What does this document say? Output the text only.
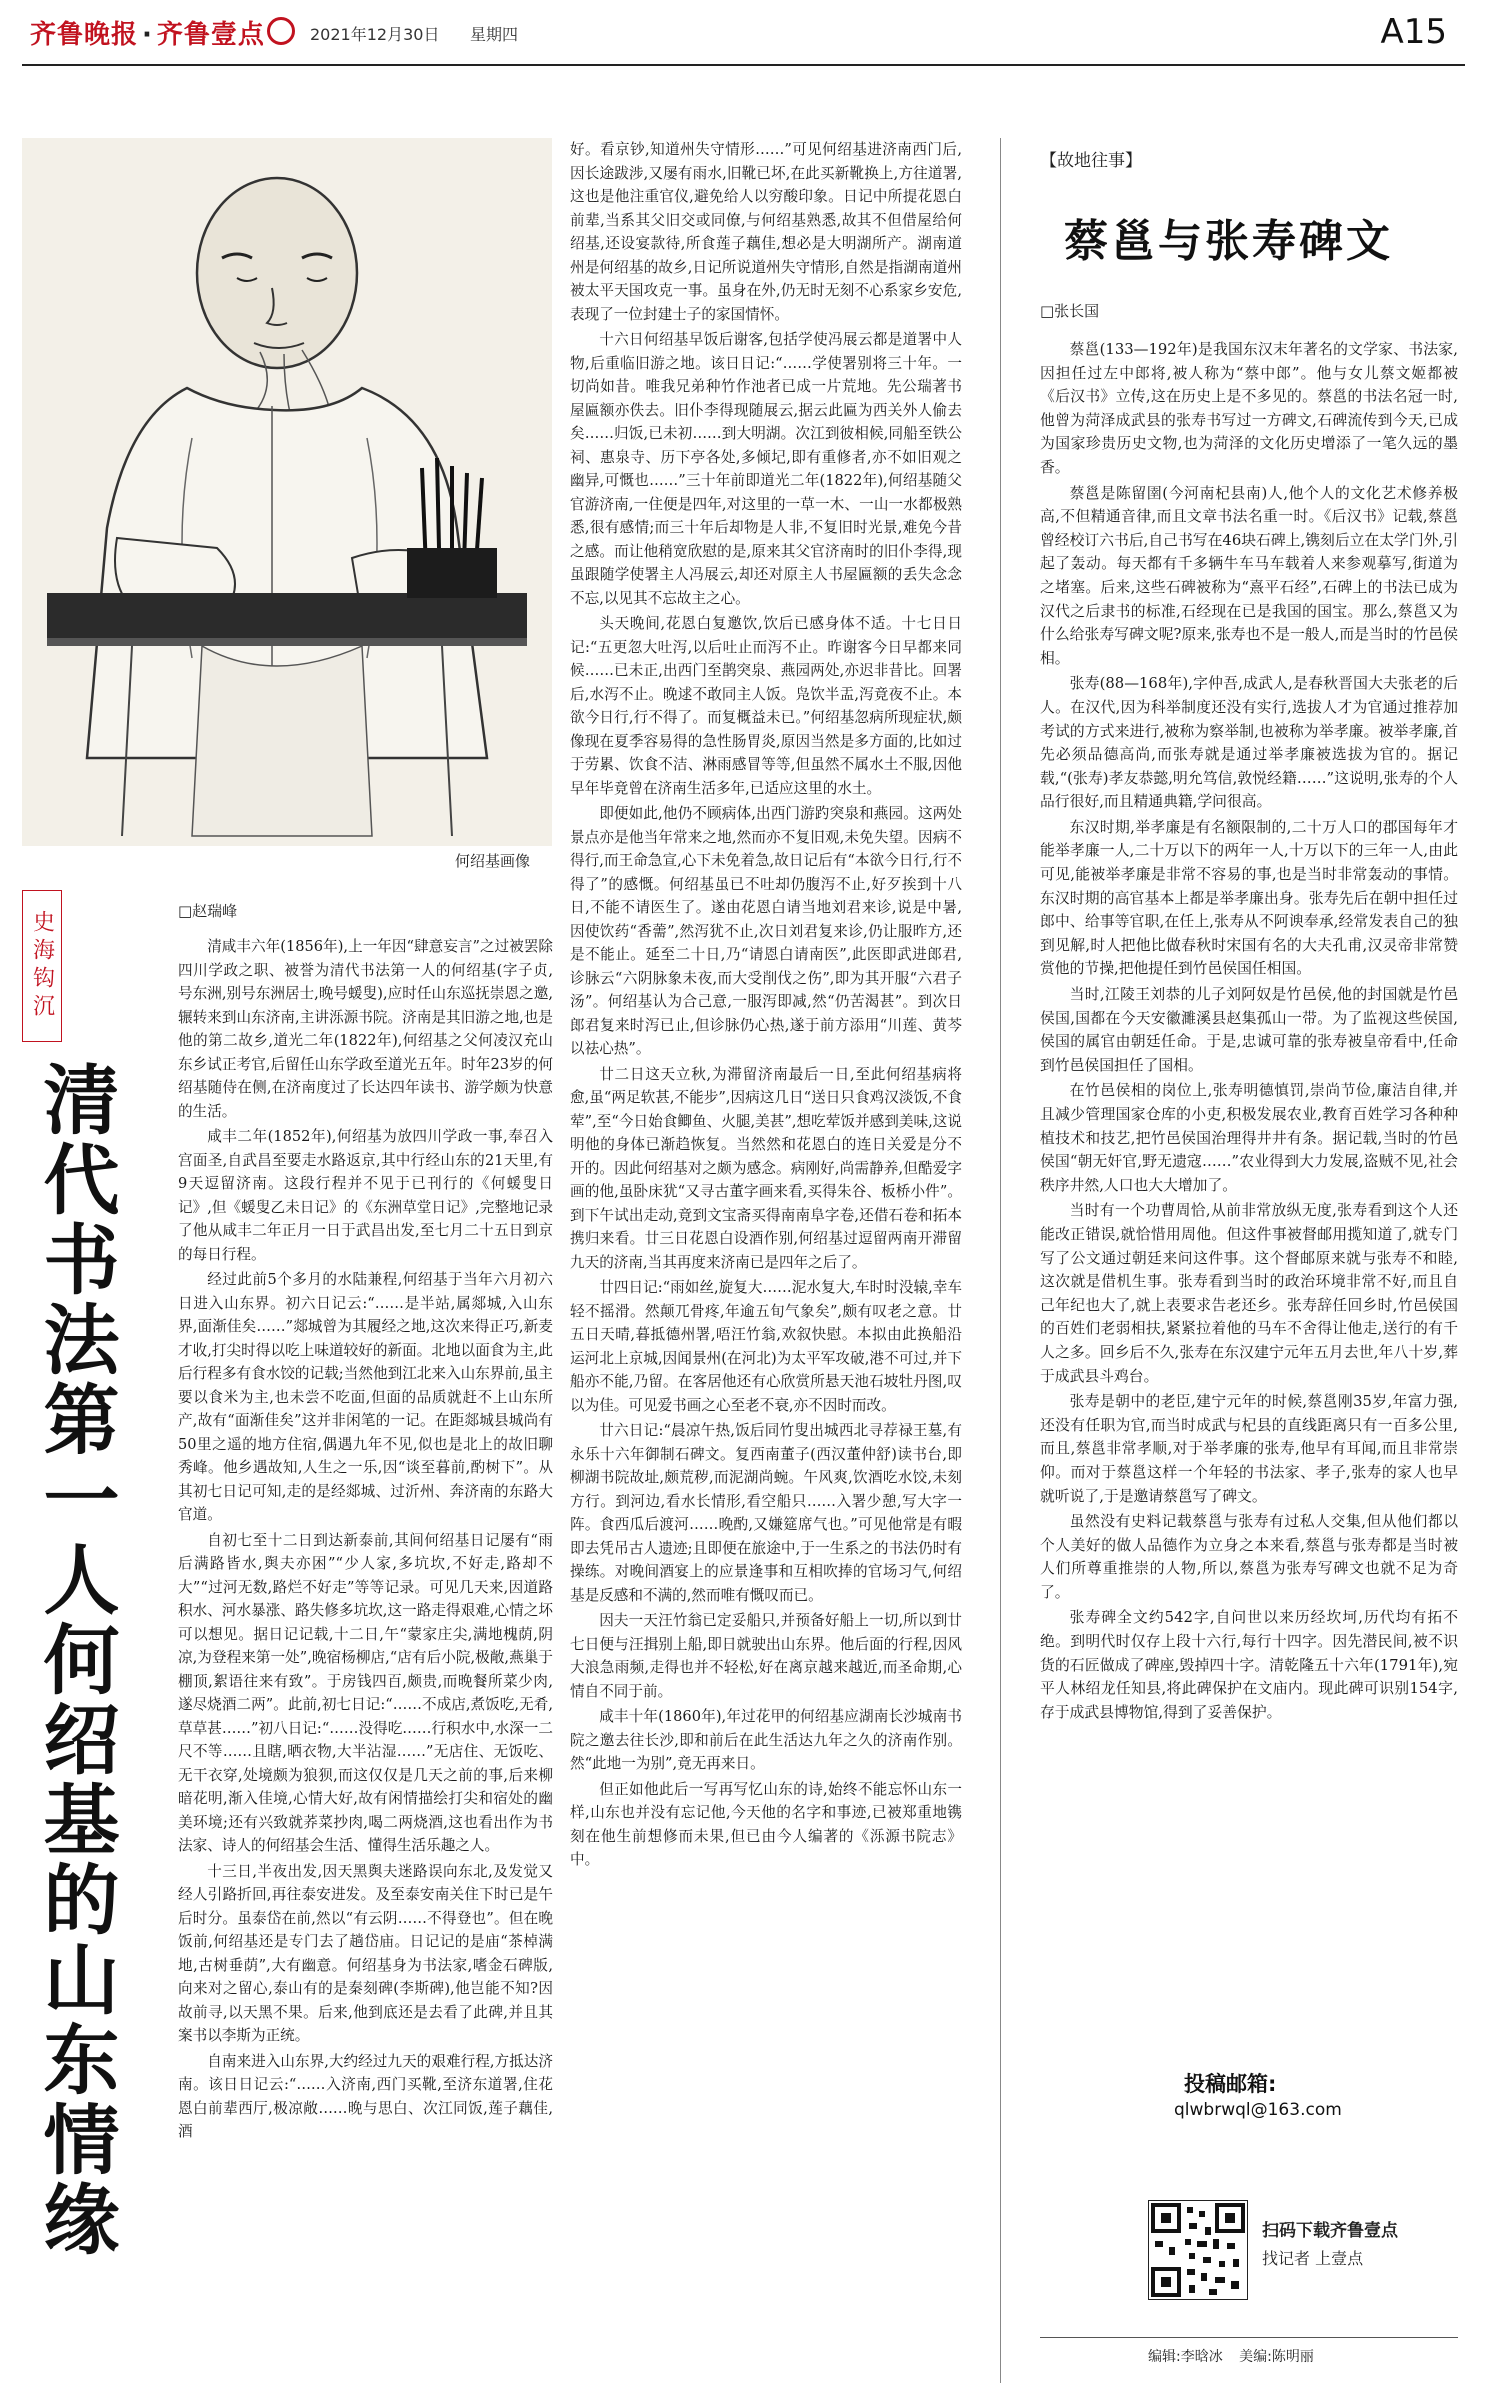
齐鲁晚报 · 齐鲁壹点	2021年12月30日 星期四	A15
何绍基画像
史海钩沉
清代书法第一人何绍基的山东情缘
□赵瑞峰

清咸丰六年(1856年),上一年因“肆意妄言”之过被罢除四川学政之职、被誉为清代书法第一人的何绍基(字子贞,号东洲,别号东洲居士,晚号蝯叟),应时任山东巡抚崇恩之邀,辗转来到山东济南,主讲泺源书院。济南是其旧游之地,也是他的第二故乡,道光二年(1822年),何绍基之父何凌汉充山东乡试正考官,后留任山东学政至道光五年。时年23岁的何绍基随侍在侧,在济南度过了长达四年读书、游学颇为快意的生活。

咸丰二年(1852年),何绍基为放四川学政一事,奉召入宫面圣,自武昌至要走水路返京,其中行经山东的21天里,有9天逗留济南。这段行程并不见于已刊行的《何蝯叟日记》,但《蝯叟乙未日记》的《东洲草堂日记》,完整地记录了他从咸丰二年正月一日于武昌出发,至七月二十五日到京的每日行程。

经过此前5个多月的水陆兼程,何绍基于当年六月初六日进入山东界。初六日记云:“……是半站,属郯城,入山东界,面渐佳矣……”郯城曾为其履经之地,这次来得正巧,新麦才收,打尖时得以吃上味道较好的新面。北地以面食为主,此后行程多有食水饺的记载;当然他到江北来入山东界前,虽主要以食米为主,也未尝不吃面,但面的品质就赶不上山东所产,故有“面渐佳矣”这并非闲笔的一记。在距郯城县城尚有50里之遥的地方住宿,偶遇九年不见,似也是北上的故旧聊秀峰。他乡遇故知,人生之一乐,因“谈至暮前,酌树下”。从其初七日记可知,走的是经郯城、过沂州、奔济南的东路大官道。

自初七至十二日到达新泰前,其间何绍基日记屡有“雨后满路皆水,舆夫亦困”“少人家,多坑坎,不好走,路却不大”“过河无数,路烂不好走”等等记录。可见几天来,因道路积水、河水暴涨、路失修多坑坎,这一路走得艰难,心情之坏可以想见。据日记记载,十二日,午“蒙家庄尖,满地槐荫,阴凉,为登程来第一处”,晚宿杨柳店,“店有后小院,极敞,燕巢于棚顶,絮语往来有致”。于房钱四百,颇贵,而晚餐所菜少肉,遂尽烧酒二两”。此前,初七日记:“……不成店,煮饭吃,无肴,草草甚……”初八日记:“……没得吃……行积水中,水深一二尺不等……且瞎,晒衣物,大半沾湿……”无店住、无饭吃、无干衣穿,处境颇为狼狈,而这仅仅是几天之前的事,后来柳暗花明,渐入佳境,心情大好,故有闲情描绘打尖和宿处的幽美环境;还有兴致就荞菜抄肉,喝二两烧酒,这也看出作为书法家、诗人的何绍基会生活、懂得生活乐趣之人。

十三日,半夜出发,因天黑舆夫迷路误向东北,及发觉又经人引路折回,再往泰安进发。及至泰安南关住下时已是午后时分。虽泰岱在前,然以“有云阴……不得登也”。但在晚饭前,何绍基还是专门去了趟岱庙。日记记的是庙“茶棹满地,古树垂荫”,大有幽意。何绍基身为书法家,嗜金石碑版,向来对之留心,泰山有的是秦刻碑(李斯碑),他岂能不知?因故前寻,以天黑不果。后来,他到底还是去看了此碑,并且其案书以李斯为正统。

自南来进入山东界,大约经过九天的艰难行程,方抵达济南。该日日记云:“……入济南,西门买靴,至济东道署,住花恩白前辈西厅,极凉敞……晚与思白、次江同饭,莲子藕佳,酒

好。看京钞,知道州失守情形……”可见何绍基进济南西门后,因长途跋涉,又屡有雨水,旧靴已坏,在此买新靴换上,方往道署,这也是他注重官仪,避免给人以穷酸印象。日记中所提花恩白前辈,当系其父旧交或同僚,与何绍基熟悉,故其不但借屋给何绍基,还设宴款待,所食莲子藕佳,想必是大明湖所产。湖南道州是何绍基的故乡,日记所说道州失守情形,自然是指湖南道州被太平天国攻克一事。虽身在外,仍无时无刻不心系家乡安危,表现了一位封建士子的家国情怀。

十六日何绍基早饭后谢客,包括学使冯展云都是道署中人物,后重临旧游之地。该日日记:“……学使署别将三十年。一切尚如昔。唯我兄弟种竹作池者已成一片荒地。先公瑞著书屋匾额亦佚去。旧仆李得现随展云,据云此匾为西关外人偷去矣……归饭,已未初……到大明湖。次江到彼相候,同船至铁公祠、惠泉寺、历下亭各处,多倾圮,即有重修者,亦不如旧观之幽异,可慨也……”三十年前即道光二年(1822年),何绍基随父官游济南,一住便是四年,对这里的一草一木、一山一水都极熟悉,很有感情;而三十年后却物是人非,不复旧时光景,难免今昔之感。而让他稍宽欣慰的是,原来其父官济南时的旧仆李得,现虽跟随学使署主人冯展云,却还对原主人书屋匾额的丢失念念不忘,以见其不忘故主之心。

头天晚间,花恩白复邀饮,饮后已感身体不适。十七日日记:“五更忽大吐泻,以后吐止而泻不止。昨谢客今日早都来同候……已未正,出西门至鹊突泉、燕园两处,亦迟非昔比。回署后,水泻不止。晚逑不敢同主人饭。凫饮半盂,泻竟夜不止。本欲今日行,行不得了。而复概益未已。”何绍基忽病所现症状,颇像现在夏季容易得的急性肠胃炎,原因当然是多方面的,比如过于劳累、饮食不洁、淋雨感冒等等,但虽然不属水土不服,因他早年毕竟曾在济南生活多年,已适应这里的水土。

即便如此,他仍不顾病体,出西门游趵突泉和燕园。这两处景点亦是他当年常来之地,然而亦不复旧观,未免失望。因病不得行,而王命急宣,心下未免着急,故日记后有“本欲今日行,行不得了”的感慨。何绍基虽已不吐却仍腹泻不止,好歹挨到十八日,不能不请医生了。遂由花恩白请当地刘君来诊,说是中暑,因使饮药“香薷”,然泻犹不止,次日刘君复来诊,仍让服昨方,还是不能止。延至二十日,乃“请恩白请南医”,此医即武进郎君,诊脉云“六阴脉象未夜,而大受削伐之伤”,即为其开服“六君子汤”。何绍基认为合己意,一服泻即减,然“仍苦渴甚”。到次日郎君复来时泻已止,但诊脉仍心热,遂于前方添用“川莲、黄芩以祛心热”。

廿二日这天立秋,为滞留济南最后一日,至此何绍基病将愈,虽“两足软甚,不能步”,因病这几日“送日只食鸡汉淡饭,不食荤”,至“今日始食鲫鱼、火腿,美甚”,想吃荤饭并感到美味,这说明他的身体已渐趋恢复。当然然和花恩白的连日关爱是分不开的。因此何绍基对之颇为感念。病刚好,尚需静养,但酷爱字画的他,虽卧床犹“又寻古董字画来看,买得朱谷、板桥小件”。到下午试出走动,竟到文宝斋买得南南阜字卷,还借石卷和拓本携归来看。廿三日花恩白设酒作别,何绍基过逗留两南开滞留九天的济南,当其再度来济南已是四年之后了。

廿四日记:“雨如丝,旋复大……泥水复大,车时时没辕,幸车轻不摇滑。然颠兀骨疼,年逾五旬气象矣”,颇有叹老之意。廿五日天晴,暮抵德州署,唔汪竹翁,欢叙快慰。本拟由此换船沿运河北上京城,因闻景州(在河北)为太平军攻破,港不可过,并下船亦不能,乃留。在客居他还有心欣赏所悬天池石坡牡丹图,叹以为佳。可见爱书画之心至老不衰,亦不因时而改。

廿六日记:“晨凉午热,饭后同竹叟出城西北寻荐禄王墓,有永乐十六年御制石碑文。复西南董子(西汉董仲舒)读书台,即柳湖书院故址,颇荒秽,而泥湖尚蜿。午风爽,饮酒吃水饺,未刻方行。到河边,看水长情形,看空船只……入署少憩,写大字一阵。食西瓜后渡河……晚酌,又嫌筵席气也。”可见他常是有暇即去凭吊古人遗迹;且即便在旅途中,于一生系之的书法仍时有操练。对晚间酒宴上的应景逢事和互相吹捧的官场习气,何绍基是反感和不满的,然而唯有慨叹而已。

因夫一天汪竹翁已定妥船只,并预备好船上一切,所以到廿七日便与汪揖别上船,即日就驶出山东界。他后面的行程,因风大浪急雨频,走得也并不轻松,好在离京越来越近,而圣命期,心情自不同于前。

咸丰十年(1860年),年过花甲的何绍基应湖南长沙城南书院之邀去往长沙,即和前后在此生活达九年之久的济南作别。然“此地一为别”,竟无再来日。

但正如他此后一写再写忆山东的诗,始终不能忘怀山东一样,山东也并没有忘记他,今天他的名字和事迹,已被郑重地镌刻在他生前想修而未果,但已由今人编著的《泺源书院志》中。

【故地往事】
蔡邕与张寿碑文
□张长国

蔡邕(133—192年)是我国东汉末年著名的文学家、书法家,因担任过左中郎将,被人称为“蔡中郎”。他与女儿蔡文姬都被《后汉书》立传,这在历史上是不多见的。蔡邕的书法名冠一时,他曾为菏泽成武县的张寿书写过一方碑文,石碑流传到今天,已成为国家珍贵历史文物,也为菏泽的文化历史增添了一笔久远的墨香。

蔡邕是陈留圉(今河南杞县南)人,他个人的文化艺术修养极高,不但精通音律,而且文章书法名重一时。《后汉书》记载,蔡邕曾经校订六书后,自己书写在46块石碑上,镌刻后立在太学门外,引起了轰动。每天都有千多辆牛车马车载着人来参观摹写,街道为之堵塞。后来,这些石碑被称为“熹平石经”,石碑上的书法已成为汉代之后隶书的标准,石经现在已是我国的国宝。那么,蔡邕又为什么给张寿写碑文呢?原来,张寿也不是一般人,而是当时的竹邑侯相。

张寿(88—168年),字仲吾,成武人,是春秋晋国大夫张老的后人。在汉代,因为科举制度还没有实行,选拔人才为官通过推荐加考试的方式来进行,被称为察举制,也被称为举孝廉。被举孝廉,首先必须品德高尚,而张寿就是通过举孝廉被选拔为官的。据记载,“(张寿)孝友恭懿,明允笃信,敦悦经籍……”这说明,张寿的个人品行很好,而且精通典籍,学问很高。

东汉时期,举孝廉是有名额限制的,二十万人口的郡国每年才能举孝廉一人,二十万以下的两年一人,十万以下的三年一人,由此可见,能被举孝廉是非常不容易的事,也是当时非常轰动的事情。东汉时期的高官基本上都是举孝廉出身。张寿先后在朝中担任过郎中、给事等官职,在任上,张寿从不阿谀奉承,经常发表自己的独到见解,时人把他比做春秋时宋国有名的大夫孔甫,汉灵帝非常赞赏他的节操,把他提任到竹邑侯国任相国。

当时,江陵王刘恭的儿子刘阿奴是竹邑侯,他的封国就是竹邑侯国,国都在今天安徽濉溪县赵集孤山一带。为了监视这些侯国,侯国的属官由朝廷任命。于是,忠诚可靠的张寿被皇帝看中,任命到竹邑侯国担任了国相。

在竹邑侯相的岗位上,张寿明德慎罚,崇尚节俭,廉洁自律,并且减少管理国家仓库的小吏,积极发展农业,教育百姓学习各种种植技术和技艺,把竹邑侯国治理得井井有条。据记载,当时的竹邑侯国“朝无奸官,野无遗寇……”农业得到大力发展,盗贼不见,社会秩序井然,人口也大大增加了。

当时有一个功曹周恰,从前非常放纵无度,张寿看到这个人还能改正错误,就恰惜用周他。但这件事被督邮用揽知道了,就专门写了公文通过朝廷来问这件事。这个督邮原来就与张寿不和睦,这次就是借机生事。张寿看到当时的政治环境非常不好,而且自己年纪也大了,就上表要求告老还乡。张寿辞任回乡时,竹邑侯国的百姓们老弱相扶,紧紧拉着他的马车不舍得让他走,送行的有千人之多。回乡后不久,张寿在东汉建宁元年五月去世,年八十岁,葬于成武县斗鸡台。

张寿是朝中的老臣,建宁元年的时候,蔡邕刚35岁,年富力强,还没有任职为官,而当时成武与杞县的直线距离只有一百多公里,而且,蔡邕非常孝顺,对于举孝廉的张寿,他早有耳闻,而且非常崇仰。而对于蔡邕这样一个年轻的书法家、孝子,张寿的家人也早就听说了,于是邀请蔡邕写了碑文。

虽然没有史料记载蔡邕与张寿有过私人交集,但从他们都以个人美好的做人品德作为立身之本来看,蔡邕与张寿都是当时被人们所尊重推崇的人物,所以,蔡邕为张寿写碑文也就不足为奇了。

张寿碑全文约542字,自问世以来历经坎坷,历代均有拓不绝。到明代时仅存上段十六行,每行十四字。因先潜民间,被不识货的石匠做成了碑座,毁掉四十字。清乾隆五十六年(1791年),宛平人林绍龙任知县,将此碑保护在文庙内。现此碑可识别154字,存于成武县博物馆,得到了妥善保护。

投稿邮箱:
qlwbrwql@163.com
扫码下载齐鲁壹点
找记者 上壹点
编辑:李晗冰 美编:陈明丽
